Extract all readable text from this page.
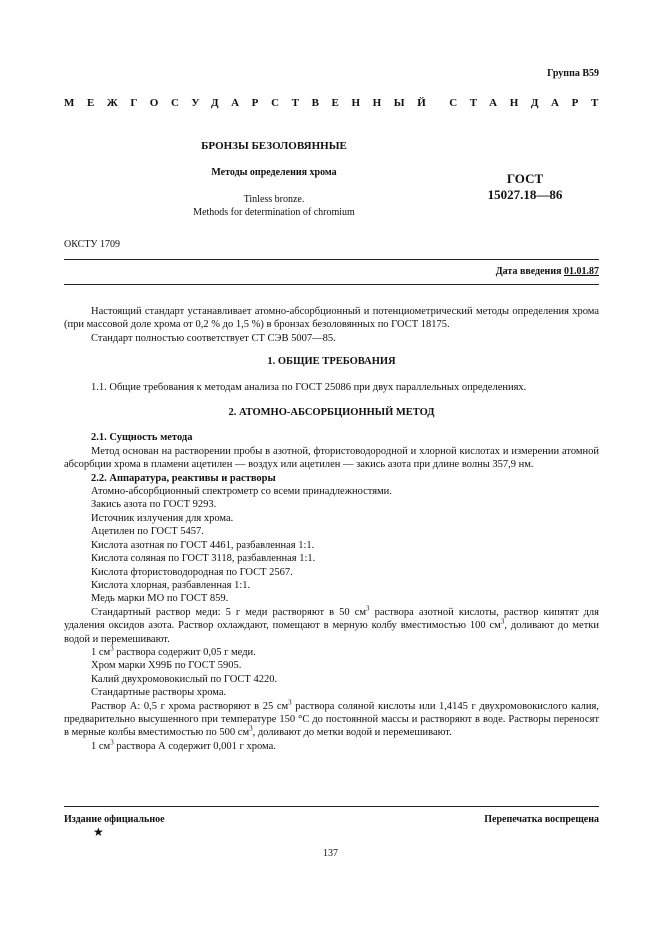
Группа В59
МЕЖГОСУДАРСТВЕННЫЙ СТАНДАРТ
БРОНЗЫ БЕЗОЛОВЯННЫЕ
Методы определения хрома
Tinless bronze.
Methods for determination of chromium
ГОСТ
15027.18—86
ОКСТУ 1709
Дата введения 01.01.87

Настоящий стандарт устанавливает атомно-абсорбционный и потенциометрический методы определения хрома (при массовой доле хрома от 0,2 % до 1,5 %) в бронзах безоловянных по ГОСТ 18175.

Стандарт полностью соответствует СТ СЭВ 5007—85.

1. ОБЩИЕ ТРЕБОВАНИЯ

1.1. Общие требования к методам анализа по ГОСТ 25086 при двух параллельных определениях.

2. АТОМНО-АБСОРБЦИОННЫЙ МЕТОД

2.1. Сущность метода

Метод основан на растворении пробы в азотной, фтористоводородной и хлорной кислотах и измерении атомной абсорбции хрома в пламени ацетилен — воздух или ацетилен — закись азота при длине волны 357,9 нм.

2.2. Аппаратура, реактивы и растворы

Атомно-абсорбционный спектрометр со всеми принадлежностями.

Закись азота по ГОСТ 9293.

Источник излучения для хрома.

Ацетилен по ГОСТ 5457.

Кислота азотная по ГОСТ 4461, разбавленная 1:1.

Кислота соляная по ГОСТ 3118, разбавленная 1:1.

Кислота фтористоводородная по ГОСТ 2567.

Кислота хлорная, разбавленная 1:1.

Медь марки МО по ГОСТ 859.

Стандартный раствор меди: 5 г меди растворяют в 50 $см^3$ раствора азотной кислоты, раствор кипятят для удаления оксидов азота. Раствор охлаждают, помещают в мерную колбу вместимостью 100 $см^3$, доливают до метки водой и перемешивают.

1 $см^3$ раствора содержит 0,05 г меди.

Хром марки Х99Б по ГОСТ 5905.

Калий двухромовокислый по ГОСТ 4220.

Стандартные растворы хрома.

Раствор А: 0,5 г хрома растворяют в 25 $см^3$ раствора соляной кислоты или 1,4145 г двухромовокислого калия, предварительно высушенного при температуре 150 °С до постоянной массы и растворяют в воде. Растворы переносят в мерные колбы вместимостью по 500 $см^3$, доливают до метки водой и перемешивают.

1 $см^3$ раствора А содержит 0,001 г хрома.

Издание официальное
★
Перепечатка воспрещена
137
